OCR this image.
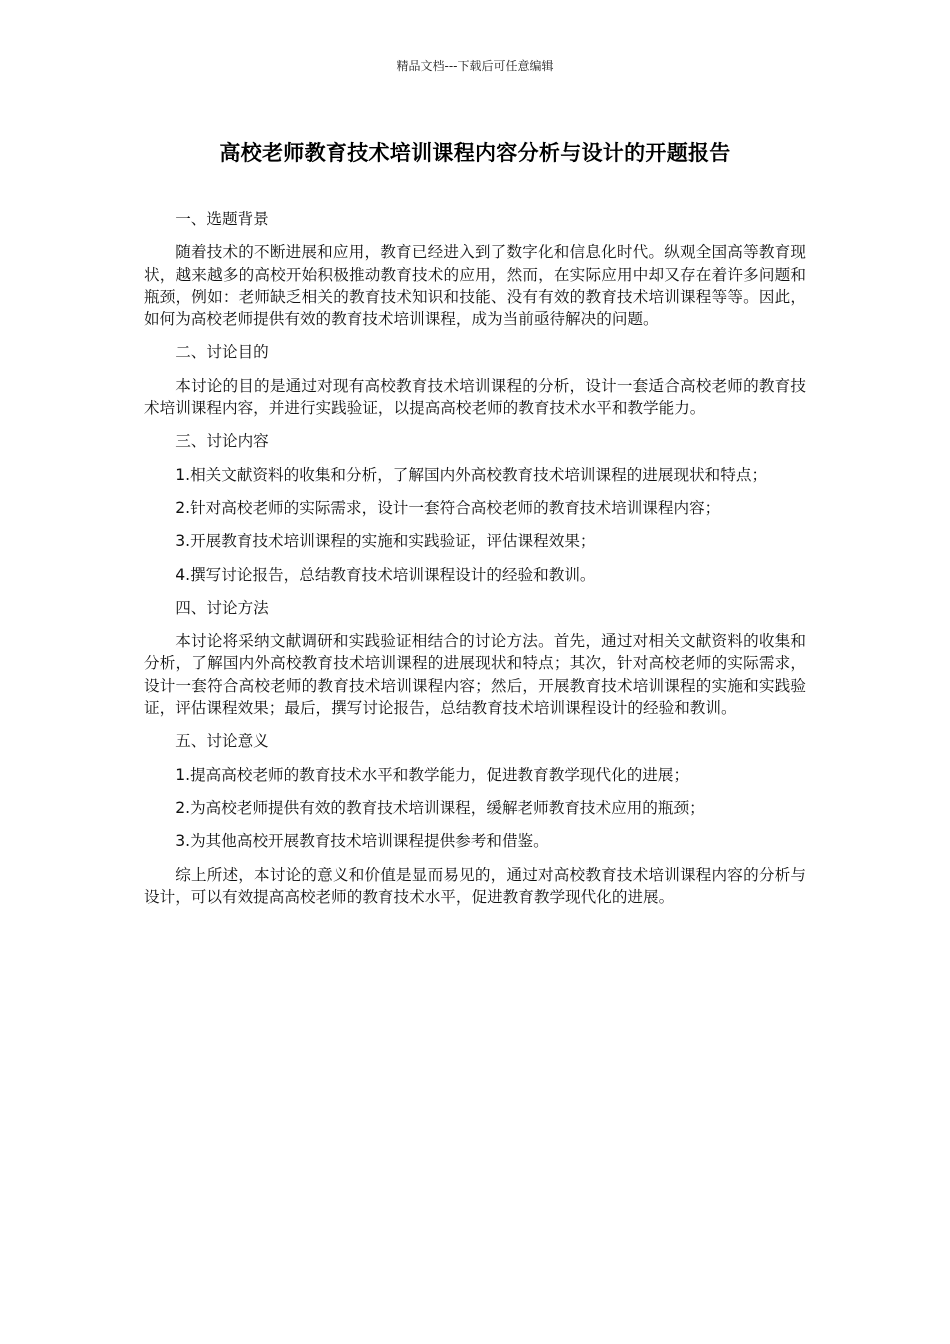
精品文档---下载后可任意编辑
高校老师教育技术培训课程内容分析与设计的开题报告

一、选题背景

随着技术的不断进展和应用，教育已经进入到了数字化和信息化时代。纵观全国高等教育现状，越来越多的高校开始积极推动教育技术的应用，然而，在实际应用中却又存在着许多问题和瓶颈，例如：老师缺乏相关的教育技术知识和技能、没有有效的教育技术培训课程等等。因此，如何为高校老师提供有效的教育技术培训课程，成为当前亟待解决的问题。

二、讨论目的

本讨论的目的是通过对现有高校教育技术培训课程的分析，设计一套适合高校老师的教育技术培训课程内容，并进行实践验证，以提高高校老师的教育技术水平和教学能力。

三、讨论内容

1.相关文献资料的收集和分析，了解国内外高校教育技术培训课程的进展现状和特点；

2.针对高校老师的实际需求，设计一套符合高校老师的教育技术培训课程内容；

3.开展教育技术培训课程的实施和实践验证，评估课程效果；

4.撰写讨论报告，总结教育技术培训课程设计的经验和教训。

四、讨论方法

本讨论将采纳文献调研和实践验证相结合的讨论方法。首先，通过对相关文献资料的收集和分析，了解国内外高校教育技术培训课程的进展现状和特点；其次，针对高校老师的实际需求，设计一套符合高校老师的教育技术培训课程内容；然后，开展教育技术培训课程的实施和实践验证，评估课程效果；最后，撰写讨论报告，总结教育技术培训课程设计的经验和教训。

五、讨论意义

1.提高高校老师的教育技术水平和教学能力，促进教育教学现代化的进展；

2.为高校老师提供有效的教育技术培训课程，缓解老师教育技术应用的瓶颈；

3.为其他高校开展教育技术培训课程提供参考和借鉴。

综上所述，本讨论的意义和价值是显而易见的，通过对高校教育技术培训课程内容的分析与设计，可以有效提高高校老师的教育技术水平，促进教育教学现代化的进展。
